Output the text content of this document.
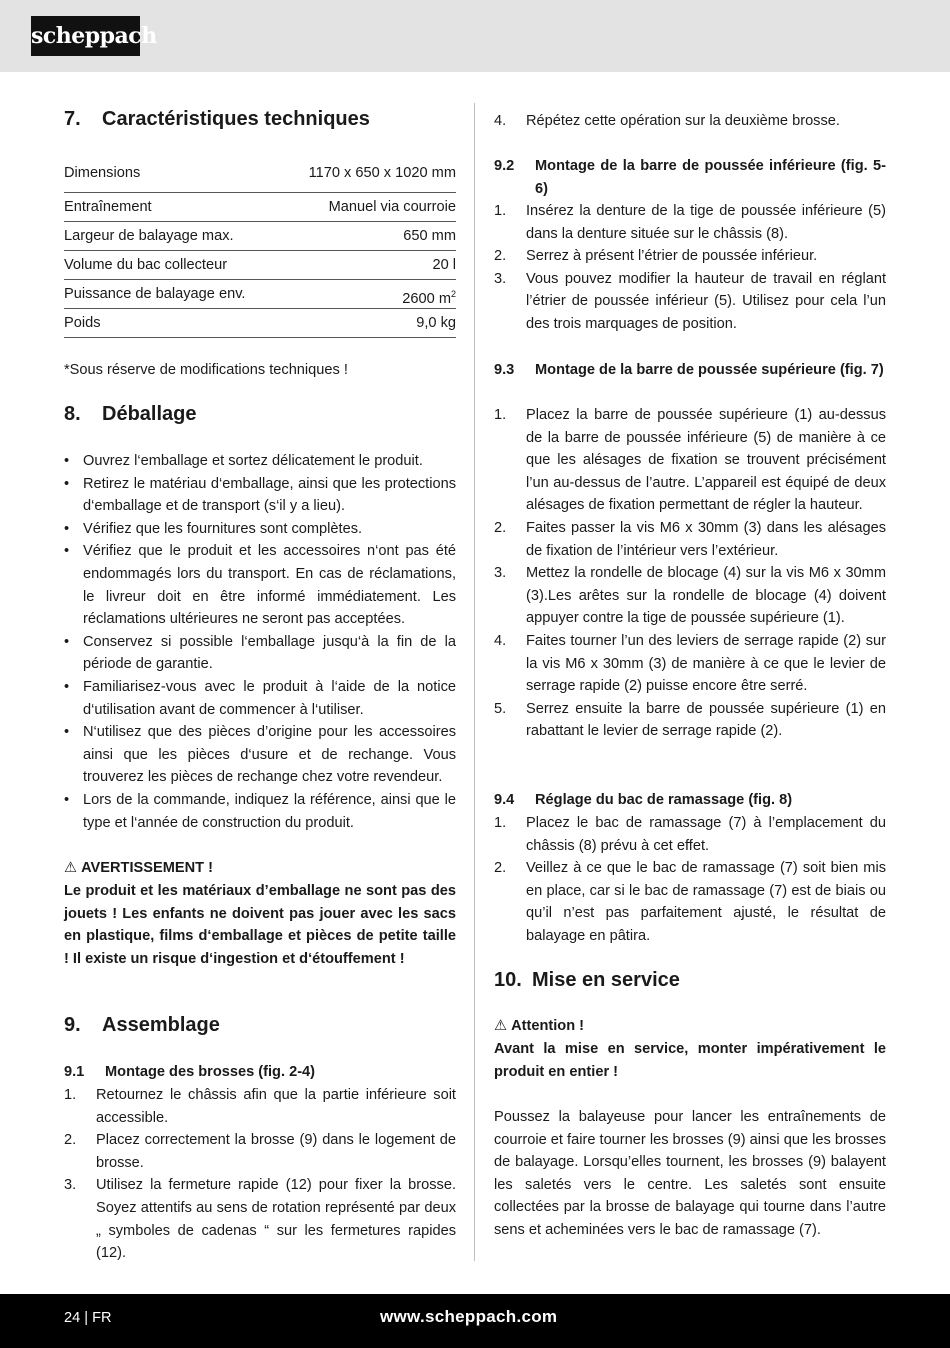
scheppach
7. Caractéristiques techniques
Dimensions	1170 x 650 x 1020 mm
Entraînement	Manuel via courroie
Largeur de balayage max.	650 mm
Volume du bac collecteur	20 l
Puissance de balayage env.	2600 $m^2$
Poids	9,0 kg
*Sous réserve de modifications techniques !
8. Déballage
• Ouvrez l‘emballage et sortez délicatement le produit.
• Retirez le matériau d‘emballage, ainsi que les protections d‘emballage et de transport (s‘il y a lieu).
• Vérifiez que les fournitures sont complètes.
• Vérifiez que le produit et les accessoires n‘ont pas été endommagés lors du transport. En cas de réclamations, le livreur doit en être informé immédiatement. Les réclamations ultérieures ne seront pas acceptées.
• Conservez si possible l‘emballage jusqu‘à la fin de la période de garantie.
• Familiarisez-vous avec le produit à l‘aide de la notice d‘utilisation avant de commencer à l‘utiliser.
• N‘utilisez que des pièces d’origine pour les accessoires ainsi que les pièces d‘usure et de rechange. Vous trouverez les pièces de rechange chez votre revendeur.
• Lors de la commande, indiquez la référence, ainsi que le type et l‘année de construction du produit.
⚠ AVERTISSEMENT !
Le produit et les matériaux d’emballage ne sont pas des jouets ! Les enfants ne doivent pas jouer avec les sacs en plastique, films d‘emballage et pièces de petite taille ! Il existe un risque d‘ingestion et d‘étouffement !
9. Assemblage
9.1	Montage des brosses (fig. 2-4)
1.	Retournez le châssis afin que la partie inférieure soit accessible.
2.	Placez correctement la brosse (9) dans le logement de brosse.
3.	Utilisez la fermeture rapide (12) pour fixer la brosse. Soyez attentifs au sens de rotation représenté par deux „ symboles de cadenas “ sur les fermetures rapides (12).
4.	Répétez cette opération sur la deuxième brosse.
9.2	Montage de la barre de poussée inférieure (fig. 5-6)
1.	Insérez la denture de la tige de poussée inférieure (5) dans la denture située sur le châssis (8).
2.	Serrez à présent l’étrier de poussée inférieur.
3.	Vous pouvez modifier la hauteur de travail en réglant l’étrier de poussée inférieur (5). Utilisez pour cela l’un des trois marquages de position.
9.3	Montage de la barre de poussée supérieure (fig. 7)
1.	Placez la barre de poussée supérieure (1) au-dessus de la barre de poussée inférieure (5) de manière à ce que les alésages de fixation se trouvent précisément l’un au-dessus de l’autre. L’appareil est équipé de deux alésages de fixation permettant de régler la hauteur.
2.	Faites passer la vis M6 x 30mm (3) dans les alésages de fixation de l’intérieur vers l’extérieur.
3.	Mettez la rondelle de blocage (4) sur la vis M6 x 30mm (3).Les arêtes sur la rondelle de blocage (4) doivent appuyer contre la tige de poussée supérieure (1).
4.	Faites tourner l’un des leviers de serrage rapide (2) sur la vis M6 x 30mm (3) de manière à ce que le levier de serrage rapide (2) puisse encore être serré.
5.	Serrez ensuite la barre de poussée supérieure (1) en rabattant le levier de serrage rapide (2).
9.4	Réglage du bac de ramassage (fig. 8)
1.	Placez le bac de ramassage (7) à l’emplacement du châssis (8) prévu à cet effet.
2.	Veillez à ce que le bac de ramassage (7) soit bien mis en place, car si le bac de ramassage (7) est de biais ou qu’il n’est pas parfaitement ajusté, le résultat de balayage en pâtira.
10. Mise en service
⚠ Attention !
Avant la mise en service, monter impérativement le produit en entier !
Poussez la balayeuse pour lancer les entraînements de courroie et faire tourner les brosses (9) ainsi que les brosses de balayage. Lorsqu’elles tournent, les brosses (9) balayent les saletés vers le centre. Les saletés sont ensuite collectées par la brosse de balayage qui tourne dans l’autre sens et acheminées vers le bac de ramassage (7).
24 | FR	www.scheppach.com
